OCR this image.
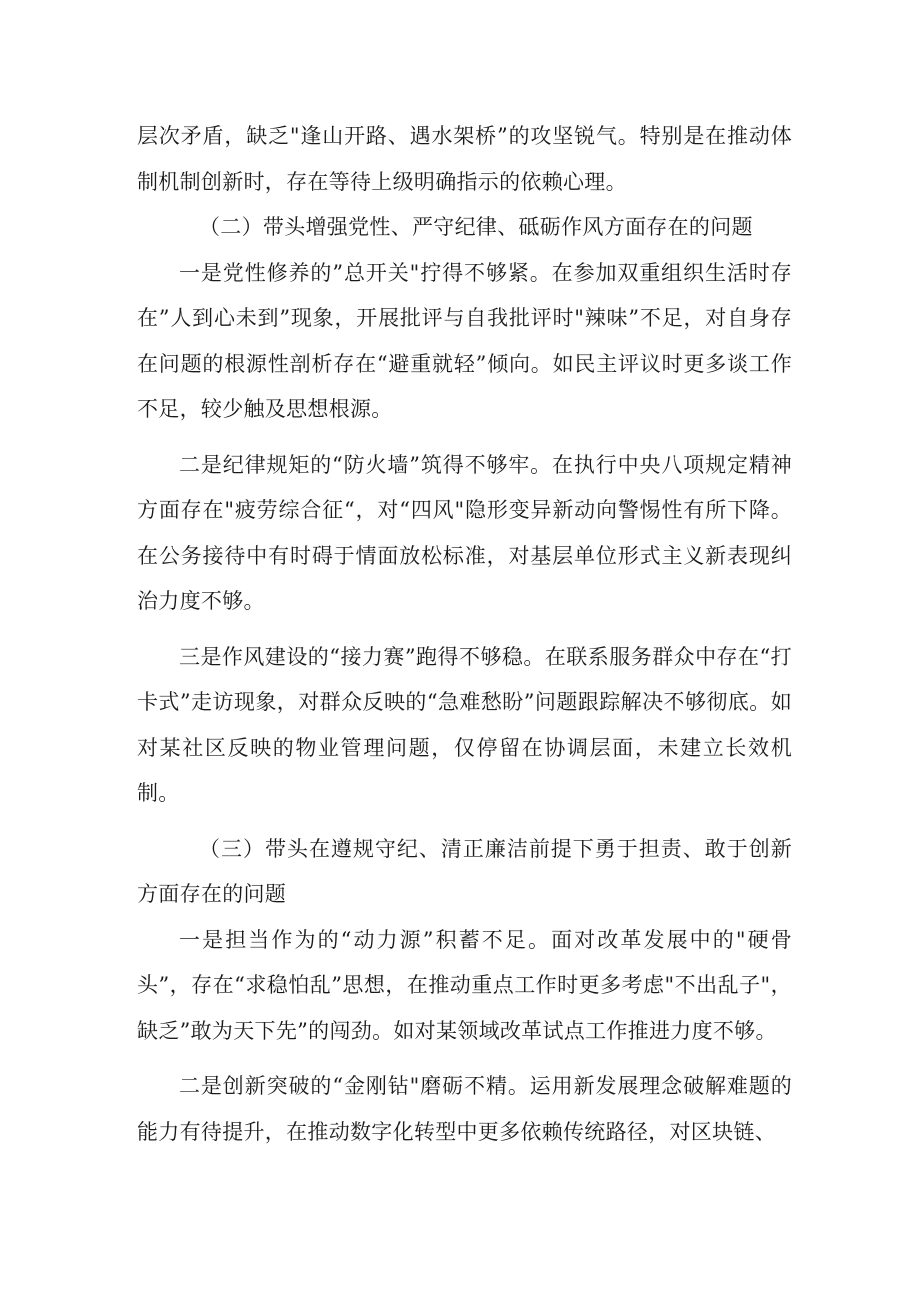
层次矛盾，缺乏"逢山开路、遇水架桥”的攻坚锐气。特别是在推动体制机制创新时，存在等待上级明确指示的依赖心理。

（二）带头增强党性、严守纪律、砥砺作风方面存在的问题

一是党性修养的”总开关"拧得不够紧。在参加双重组织生活时存在”人到心未到”现象，开展批评与自我批评时"辣味”不足，对自身存在问题的根源性剖析存在“避重就轻”倾向。如民主评议时更多谈工作不足，较少触及思想根源。

二是纪律规矩的“防火墙”筑得不够牢。在执行中央八项规定精神方面存在"疲劳综合征“，对“四风"隐形变异新动向警惕性有所下降。在公务接待中有时碍于情面放松标准，对基层单位形式主义新表现纠治力度不够。

三是作风建设的“接力赛”跑得不够稳。在联系服务群众中存在“打卡式”走访现象，对群众反映的“急难愁盼”问题跟踪解决不够彻底。如对某社区反映的物业管理问题，仅停留在协调层面，未建立长效机制。

（三）带头在遵规守纪、清正廉洁前提下勇于担责、敢于创新方面存在的问题

一是担当作为的“动力源”积蓄不足。面对改革发展中的"硬骨头”，存在“求稳怕乱”思想，在推动重点工作时更多考虑"不出乱子"，缺乏”敢为天下先”的闯劲。如对某领域改革试点工作推进力度不够。

二是创新突破的“金刚钻"磨砺不精。运用新发展理念破解难题的能力有待提升，在推动数字化转型中更多依赖传统路径，对区块链、
